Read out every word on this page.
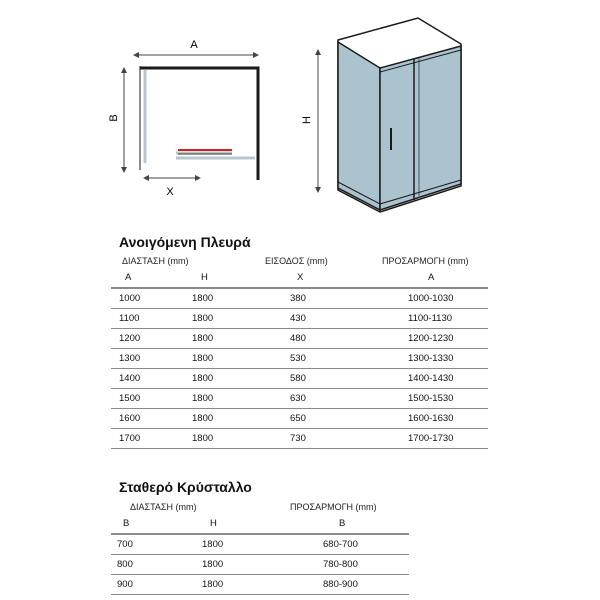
A
B
X
H
Ανοιγόμενη Πλευρά
ΔΙΑΣΤΑΣΗ (mm)	ΕΙΣΟΔΟΣ (mm)	ΠΡΟΣΑΡΜΟΓΗ (mm)
A	H	X	A
1000	1800	380	1000-1030
1100	1800	430	1100-1130
1200	1800	480	1200-1230
1300	1800	530	1300-1330
1400	1800	580	1400-1430
1500	1800	630	1500-1530
1600	1800	650	1600-1630
1700	1800	730	1700-1730
Σταθερό Κρύσταλλο
ΔΙΑΣΤΑΣΗ (mm)	ΠΡΟΣΑΡΜΟΓΗ (mm)
B	H	B
700	1800	680-700
800	1800	780-800
900	1800	880-900
